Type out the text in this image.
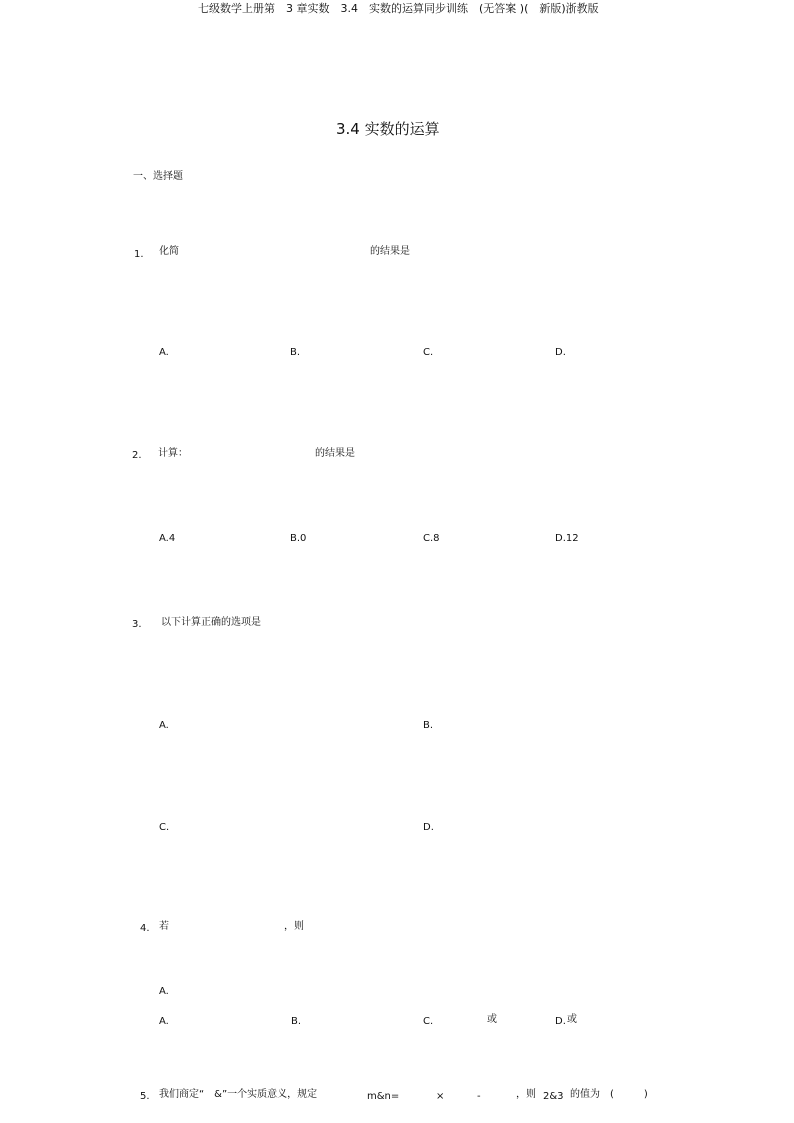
七级数学上册第　3 章实数　3.4　实数的运算同步训练　(无答案 )(　新版)浙教版
3.4 实数的运算
一、选择题
1. 化简	的结果是
A.	B.	C.	D.
2. 计算：	的结果是
A.4	B.0	C.8	D.12
3. 以下计算正确的选项是
A.	B.
C.	D.
4. 若	，则
A.
A.	B.	C.	或	D. 或
5. 我们商定“　&”一个实质意义，规定	m&n=	×	-	，则 2&3 的值为　(　　　)
